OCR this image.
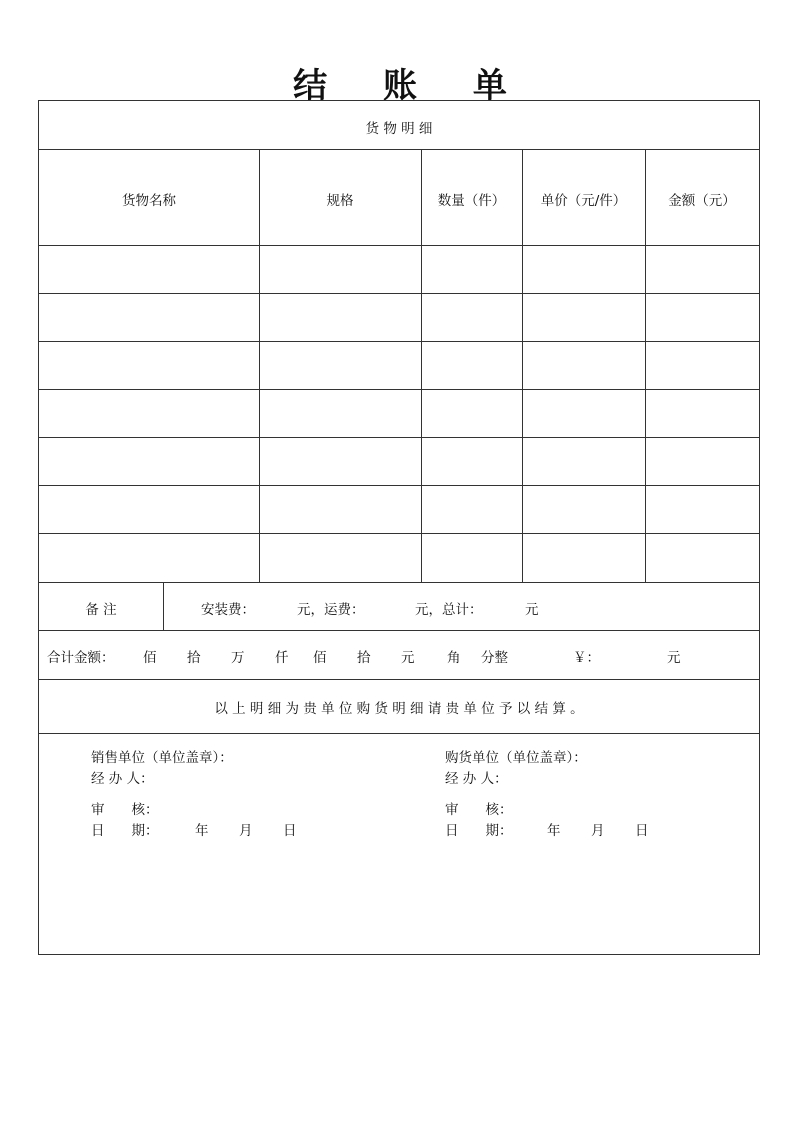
结 账 单
货 物 明 细
货物名称	规格	数量（件）	单价（元/件）	金额（元）
备 注	安装费：	元，运费：	元，总计：	元
合计金额： 佰 拾 万 仟 佰 拾 元 角 分整	￥：	元
以 上 明 细 为 贵 单 位 购 货 明 细 请 贵 单 位 予 以 结 算 。
销售单位（单位盖章）：
经 办 人：
审　　核：
日　　期：	年 月 日
购货单位（单位盖章）：
经 办 人：
审　　核：
日　　期：	年 月 日
